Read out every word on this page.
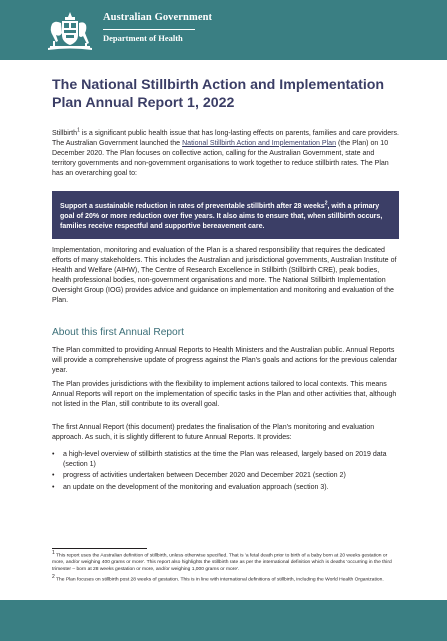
Australian Government
Department of Health
The National Stillbirth Action and Implementation Plan Annual Report 1, 2022

Stillbirth$^1$ is a significant public health issue that has long-lasting effects on parents, families and care providers. The Australian Government launched the National Stillbirth Action and Implementation Plan (the Plan) on 10 December 2020. The Plan focuses on collective action, calling for the Australian Government, state and territory governments and non-government organisations to work together to reduce stillbirth rates. The Plan has an overarching goal to:

Support a sustainable reduction in rates of preventable stillbirth after 28 weeks$^2$, with a primary goal of 20% or more reduction over five years. It also aims to ensure that, when stillbirth occurs, families receive respectful and supportive bereavement care.

Implementation, monitoring and evaluation of the Plan is a shared responsibility that requires the dedicated efforts of many stakeholders. This includes the Australian and jurisdictional governments, Australian Institute of Health and Welfare (AIHW), The Centre of Research Excellence in Stillbirth (Stillbirth CRE), peak bodies, health professional bodies, non-government organisations and more. The National Stillbirth Implementation Oversight Group (IOG) provides advice and guidance on implementation and monitoring and evaluation of the Plan.

About this first Annual Report

The Plan committed to providing Annual Reports to Health Ministers and the Australian public. Annual Reports will provide a comprehensive update of progress against the Plan's goals and actions for the previous calendar year.

The Plan provides jurisdictions with the flexibility to implement actions tailored to local contexts. This means Annual Reports will report on the implementation of specific tasks in the Plan and other activities that, although not listed in the Plan, still contribute to its overall goal.

The first Annual Report (this document) predates the finalisation of the Plan's monitoring and evaluation approach. As such, it is slightly different to future Annual Reports. It provides:

• a high-level overview of stillbirth statistics at the time the Plan was released, largely based on 2019 data (section 1)
• progress of activities undertaken between December 2020 and December 2021 (section 2)
• an update on the development of the monitoring and evaluation approach (section 3).

$^1$ This report uses the Australian definition of stillbirth, unless otherwise specified. That is 'a fetal death prior to birth of a baby born at 20 weeks gestation or more, and/or weighing 400 grams or more'. This report also highlights the stillbirth rate as per the international definition which is deaths 'occurring in the third trimester – born at 28 weeks gestation or more, and/or weighing 1,000 grams or more'.

$^2$ The Plan focuses on stillbirth post 28 weeks of gestation. This is in line with international definitions of stillbirth, including the World Health Organization.
